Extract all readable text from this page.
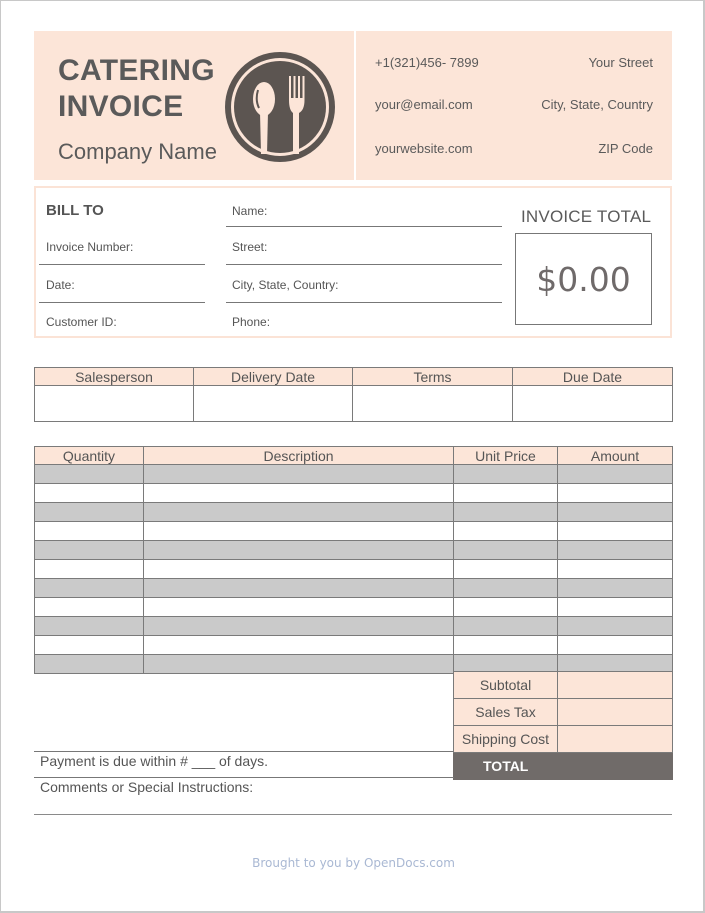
CATERING
INVOICE
Company Name
+1(321)456- 7899
your@email.com
yourwebsite.com
Your Street
City, State, Country
ZIP Code
BILL TO
Invoice Number:
Date:
Customer ID:
Name:
Street:
City, State, Country:
Phone:
INVOICE TOTAL
$0.00
Salesperson	Delivery Date	Terms	Due Date

Quantity	Description	Unit Price	Amount

Subtotal	
Sales Tax	
Shipping Cost	
TOTAL	
Payment is due within # ___ of days.
Comments or Special Instructions:
Brought to you by OpenDocs.com
